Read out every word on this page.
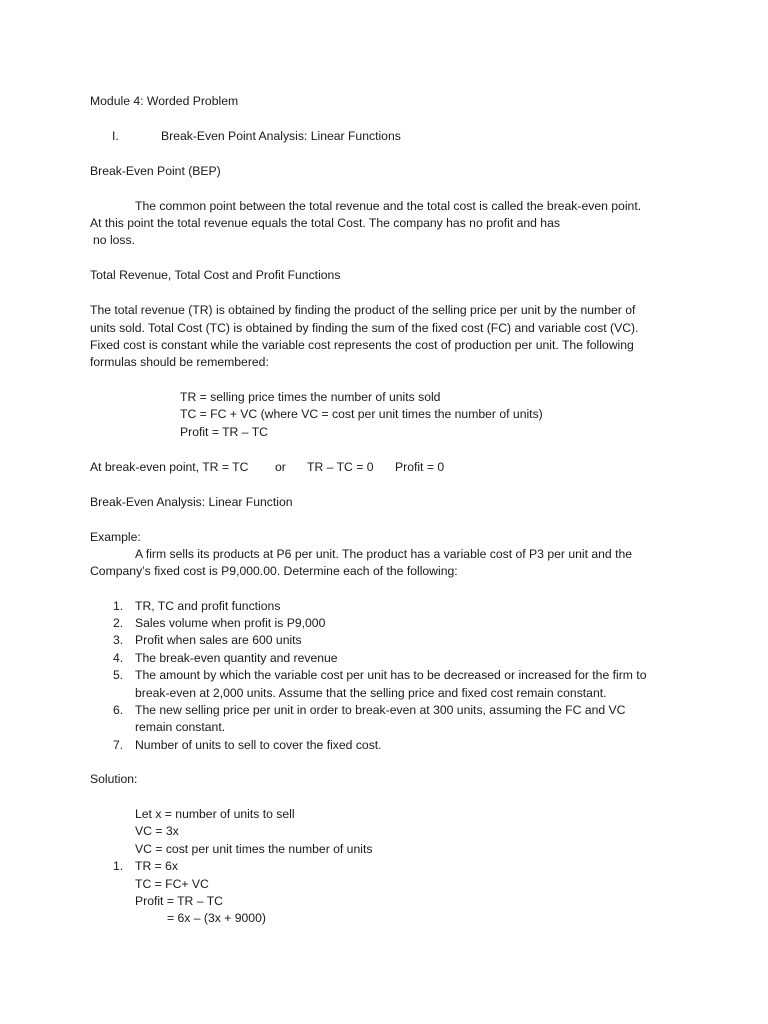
Module 4: Worded Problem
I.	Break-Even Point Analysis: Linear Functions
Break-Even Point (BEP)
The common point between the total revenue and the total cost is called the break-even point.
At this point the total revenue equals the total Cost. The company has no profit and has
no loss.
Total Revenue, Total Cost and Profit Functions
The total revenue (TR) is obtained by finding the product of the selling price per unit by the number of
units sold. Total Cost (TC) is obtained by finding the sum of the fixed cost (FC) and variable cost (VC).
Fixed cost is constant while the variable cost represents the cost of production per unit. The following
formulas should be remembered:
TR = selling price times the number of units sold
TC = FC + VC (where VC = cost per unit times the number of units)
Profit = TR – TC
At break-even point, TR = TC or TR – TC = 0 Profit = 0
Break-Even Analysis: Linear Function
Example:
A firm sells its products at P6 per unit. The product has a variable cost of P3 per unit and the
Company’s fixed cost is P9,000.00. Determine each of the following:
1. TR, TC and profit functions
2. Sales volume when profit is P9,000
3. Profit when sales are 600 units
4. The break-even quantity and revenue
5. The amount by which the variable cost per unit has to be decreased or increased for the firm to
break-even at 2,000 units. Assume that the selling price and fixed cost remain constant.
6. The new selling price per unit in order to break-even at 300 units, assuming the FC and VC
remain constant.
7. Number of units to sell to cover the fixed cost.
Solution:
Let x = number of units to sell
VC = 3x
VC = cost per unit times the number of units
1. TR = 6x
TC = FC+ VC
Profit = TR – TC
= 6x – (3x + 9000)
